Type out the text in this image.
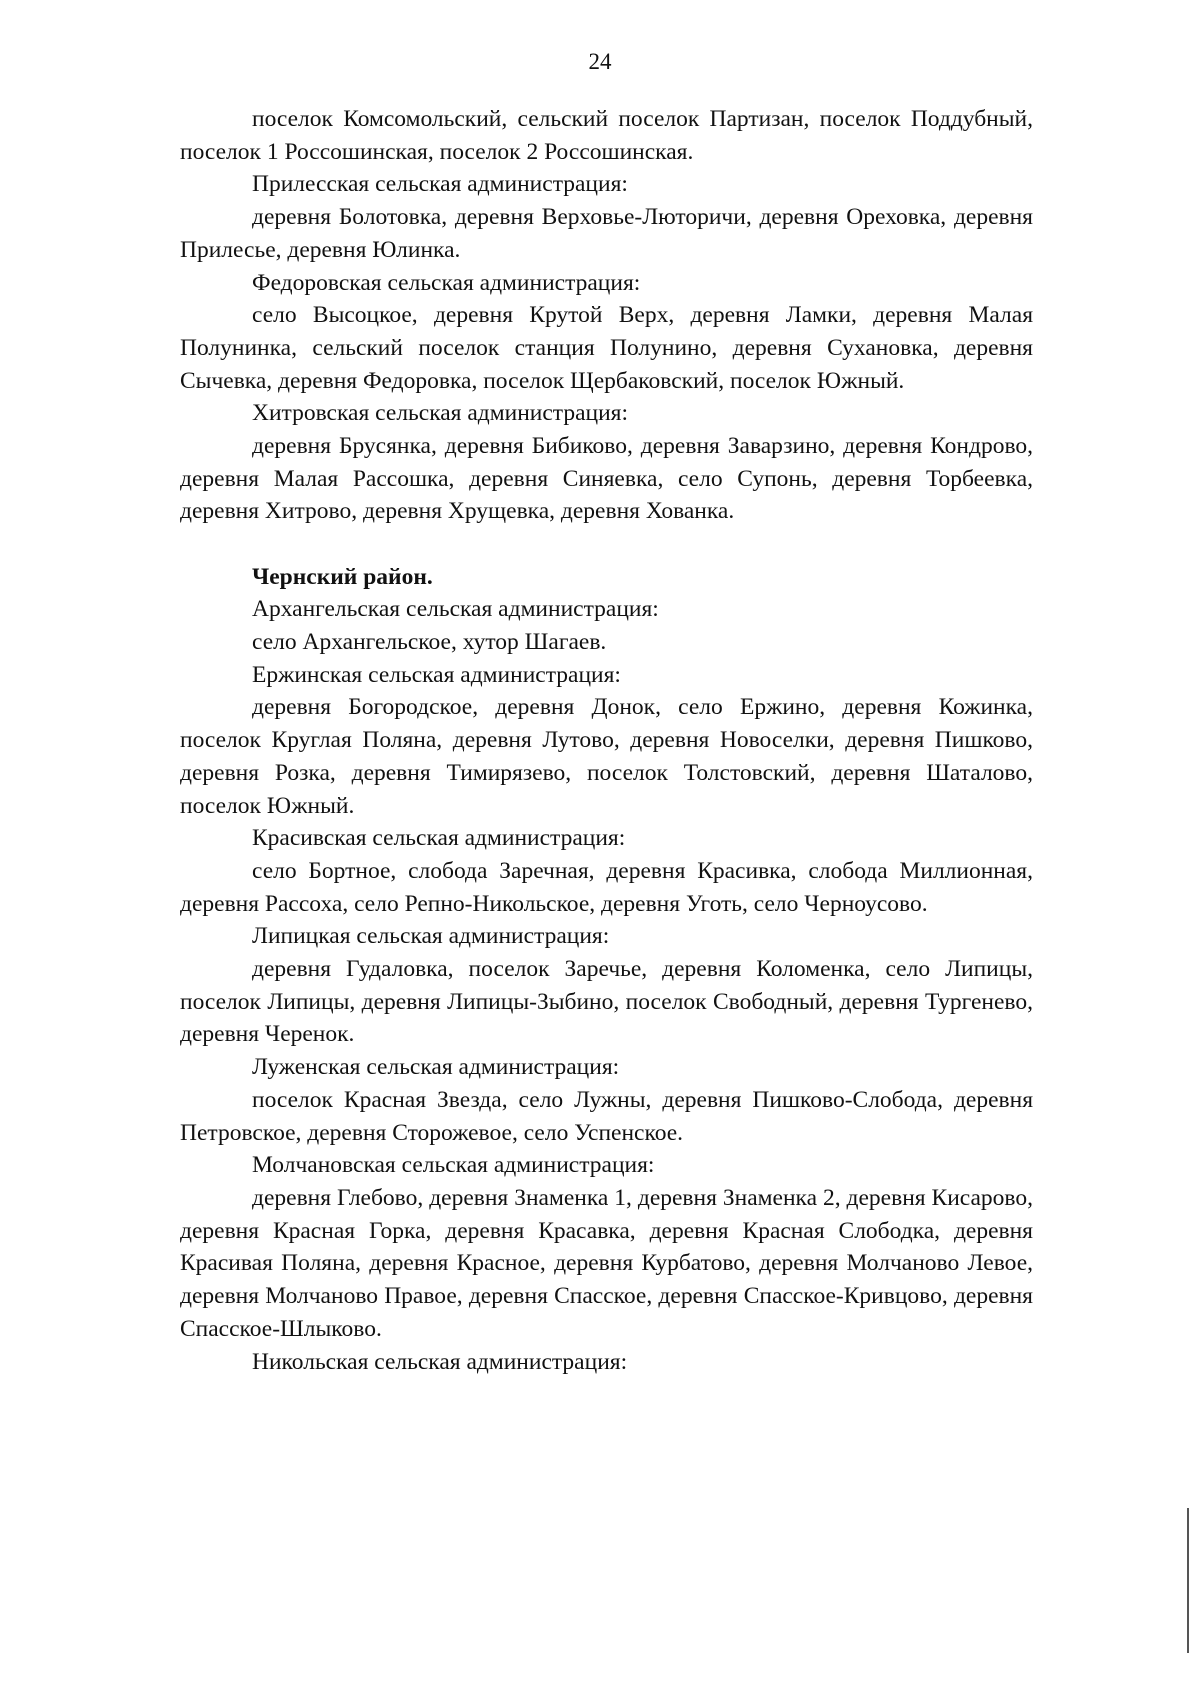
24

поселок Комсомольский, сельский поселок Партизан, поселок Поддубный, поселок 1 Россошинская, поселок 2 Россошинская.

Прилесская сельская администрация:

деревня Болотовка, деревня Верховье-Люторичи, деревня Ореховка, деревня Прилесье, деревня Юлинка.

Федоровская сельская администрация:

село Высоцкое, деревня Крутой Верх, деревня Ламки, деревня Малая Полунинка, сельский поселок станция Полунино, деревня Сухановка, деревня Сычевка, деревня Федоровка, поселок Щербаковский, поселок Южный.

Хитровская сельская администрация:

деревня Брусянка, деревня Бибиково, деревня Заварзино, деревня Кондрово, деревня Малая Рассошка, деревня Синяевка, село Супонь, деревня Торбеевка, деревня Хитрово, деревня Хрущевка, деревня Хованка.

Чернский район.

Архангельская сельская администрация:

село Архангельское, хутор Шагаев.

Ержинская сельская администрация:

деревня Богородское, деревня Донок, село Ержино, деревня Кожинка, поселок Круглая Поляна, деревня Лутово, деревня Новоселки, деревня Пишково, деревня Розка, деревня Тимирязево, поселок Толстовский, деревня Шаталово, поселок Южный.

Красивская сельская администрация:

село Бортное, слобода Заречная, деревня Красивка, слобода Миллионная, деревня Рассоха, село Репно-Никольское, деревня Уготь, село Черноусово.

Липицкая сельская администрация:

деревня Гудаловка, поселок Заречье, деревня Коломенка, село Липицы, поселок Липицы, деревня Липицы-Зыбино, поселок Свободный, деревня Тургенево, деревня Черенок.

Луженская сельская администрация:

поселок Красная Звезда, село Лужны, деревня Пишково-Слобода, деревня Петровское, деревня Сторожевое, село Успенское.

Молчановская сельская администрация:

деревня Глебово, деревня Знаменка 1, деревня Знаменка 2, деревня Кисарово, деревня Красная Горка, деревня Красавка, деревня Красная Слободка, деревня Красивая Поляна, деревня Красное, деревня Курбатово, деревня Молчаново Левое, деревня Молчаново Правое, деревня Спасское, деревня Спасское-Кривцово, деревня Спасское-Шлыково.

Никольская сельская администрация:
